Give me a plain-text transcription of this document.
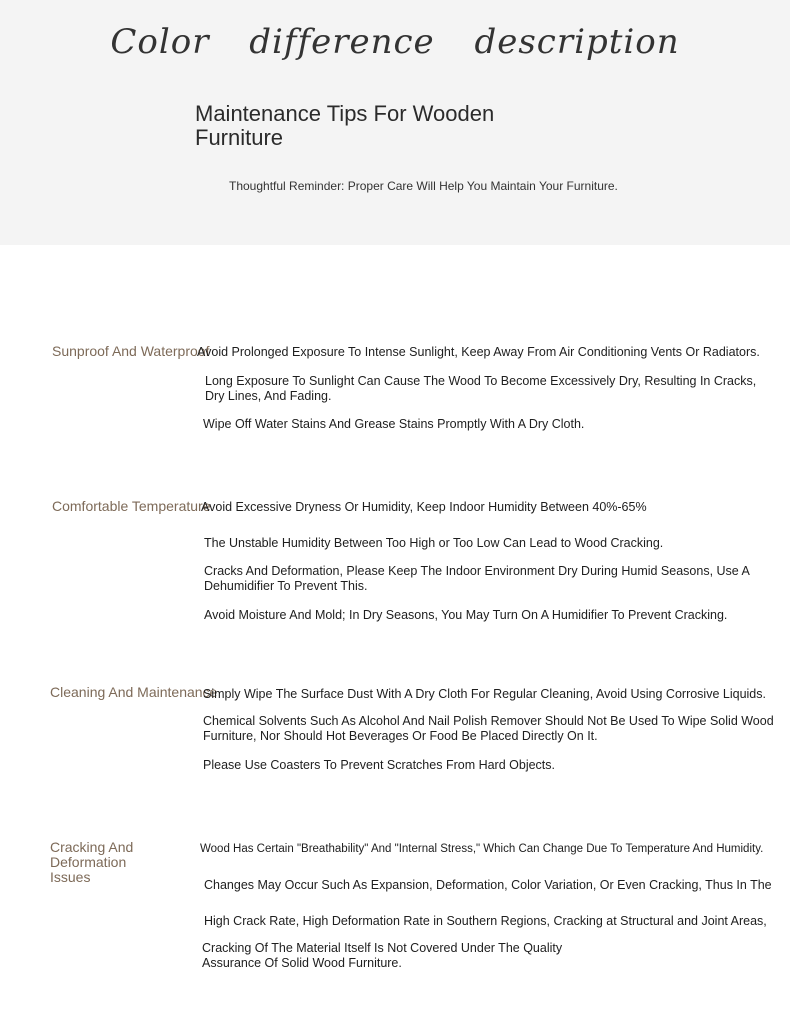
Color difference description
Maintenance Tips For Wooden Furniture
Thoughtful Reminder: Proper Care Will Help You Maintain Your Furniture.
Sunproof And Waterproof
Avoid Prolonged Exposure To Intense Sunlight, Keep Away From Air Conditioning Vents Or Radiators.
Long Exposure To Sunlight Can Cause The Wood To Become Excessively Dry, Resulting In Cracks, Dry Lines, And Fading.
Wipe Off Water Stains And Grease Stains Promptly With A Dry Cloth.
Comfortable Temperature
Avoid Excessive Dryness Or Humidity, Keep Indoor Humidity Between 40%-65%
The Unstable Humidity Between Too High or Too Low Can Lead to Wood Cracking.
Cracks And Deformation, Please Keep The Indoor Environment Dry During Humid Seasons, Use A Dehumidifier To Prevent This.
Avoid Moisture And Mold; In Dry Seasons, You May Turn On A Humidifier To Prevent Cracking.
Cleaning And Maintenance
Simply Wipe The Surface Dust With A Dry Cloth For Regular Cleaning, Avoid Using Corrosive Liquids.
Chemical Solvents Such As Alcohol And Nail Polish Remover Should Not Be Used To Wipe Solid Wood Furniture, Nor Should Hot Beverages Or Food Be Placed Directly On It.
Please Use Coasters To Prevent Scratches From Hard Objects.
Cracking And Deformation Issues
Wood Has Certain "Breathability" And "Internal Stress," Which Can Change Due To Temperature And Humidity.
Changes May Occur Such As Expansion, Deformation, Color Variation, Or Even Cracking, Thus In The
High Crack Rate, High Deformation Rate in Southern Regions, Cracking at Structural and Joint Areas,
Cracking Of The Material Itself Is Not Covered Under The Quality Assurance Of Solid Wood Furniture.
